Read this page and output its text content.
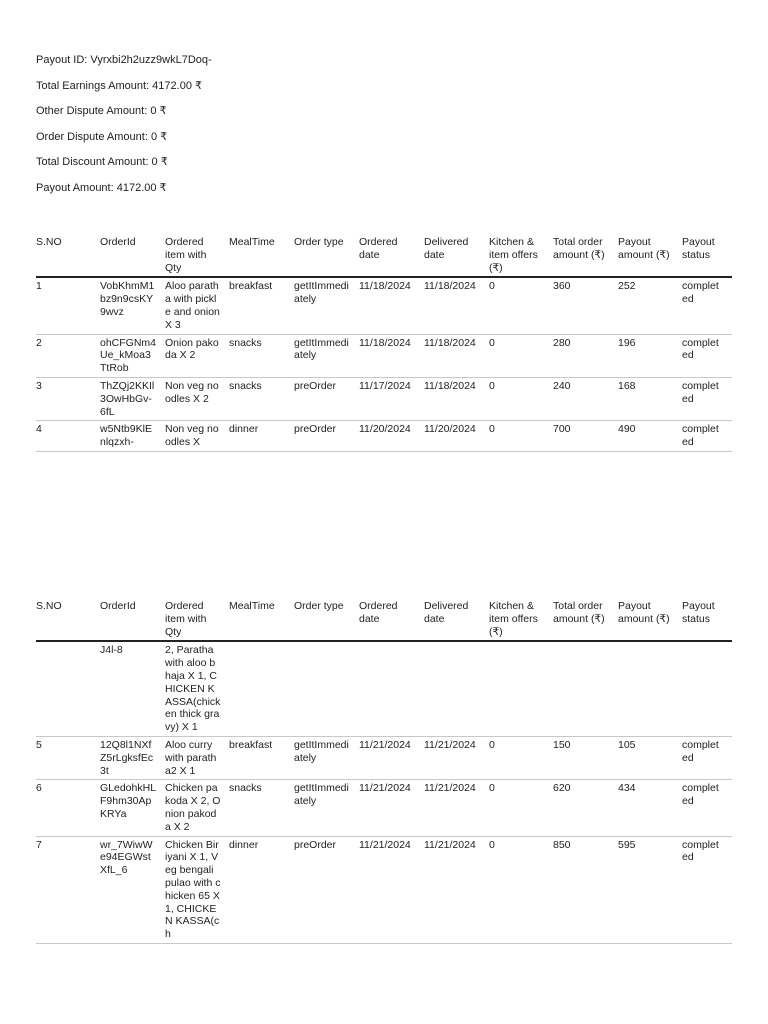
Payout ID: Vyrxbi2h2uzz9wkL7Doq-
Total Earnings Amount: 4172.00 ₹
Other Dispute Amount: 0 ₹
Order Dispute Amount: 0 ₹
Total Discount Amount: 0 ₹
Payout Amount: 4172.00 ₹
S.NO	OrderId	Ordered item with Qty	MealTime	Order type	Ordered date	Delivered date	Kitchen & item offers (₹)	Total order amount (₹)	Payout amount (₹)	Payout status

1	VobKhmM1bz9n9csKY9wvz	Aloo paratha with pickle and onion X 3	breakfast	getItImmediately	11/18/2024	11/18/2024	0	360	252	completed

2	ohCFGNm4Ue_kMoa3TtRob	Onion pakoda X 2	snacks	getItImmediately	11/18/2024	11/18/2024	0	280	196	completed

3	ThZQj2KKIl3OwHbGv-6fL	Non veg noodles X 2	snacks	preOrder	11/17/2024	11/18/2024	0	240	168	completed

4	w5Ntb9KlEnlqzxh-	Non veg noodles X	dinner	preOrder	11/20/2024	11/20/2024	0	700	490	completed
S.NO	OrderId	Ordered item with Qty	MealTime	Order type	Ordered date	Delivered date	Kitchen & item offers (₹)	Total order amount (₹)	Payout amount (₹)	Payout status

	J4l-8	2, Paratha with aloo bhaja X 1, CHICKEN KASSA(chicken thick gravy) X 1								

5	12Q8l1NXfZ5rLgksfEc3t	Aloo curry with paratha2 X 1	breakfast	getItImmediately	11/21/2024	11/21/2024	0	150	105	completed

6	GLedohkHLF9hm30ApKRYa	Chicken pakoda X 2, Onion pakoda X 2	snacks	getItImmediately	11/21/2024	11/21/2024	0	620	434	completed

7	wr_7WiwWe94EGWstXfL_6	Chicken Biriyani X 1, Veg bengali pulao with chicken 65 X 1, CHICKEN KASSA(ch	dinner	preOrder	11/21/2024	11/21/2024	0	850	595	completed
